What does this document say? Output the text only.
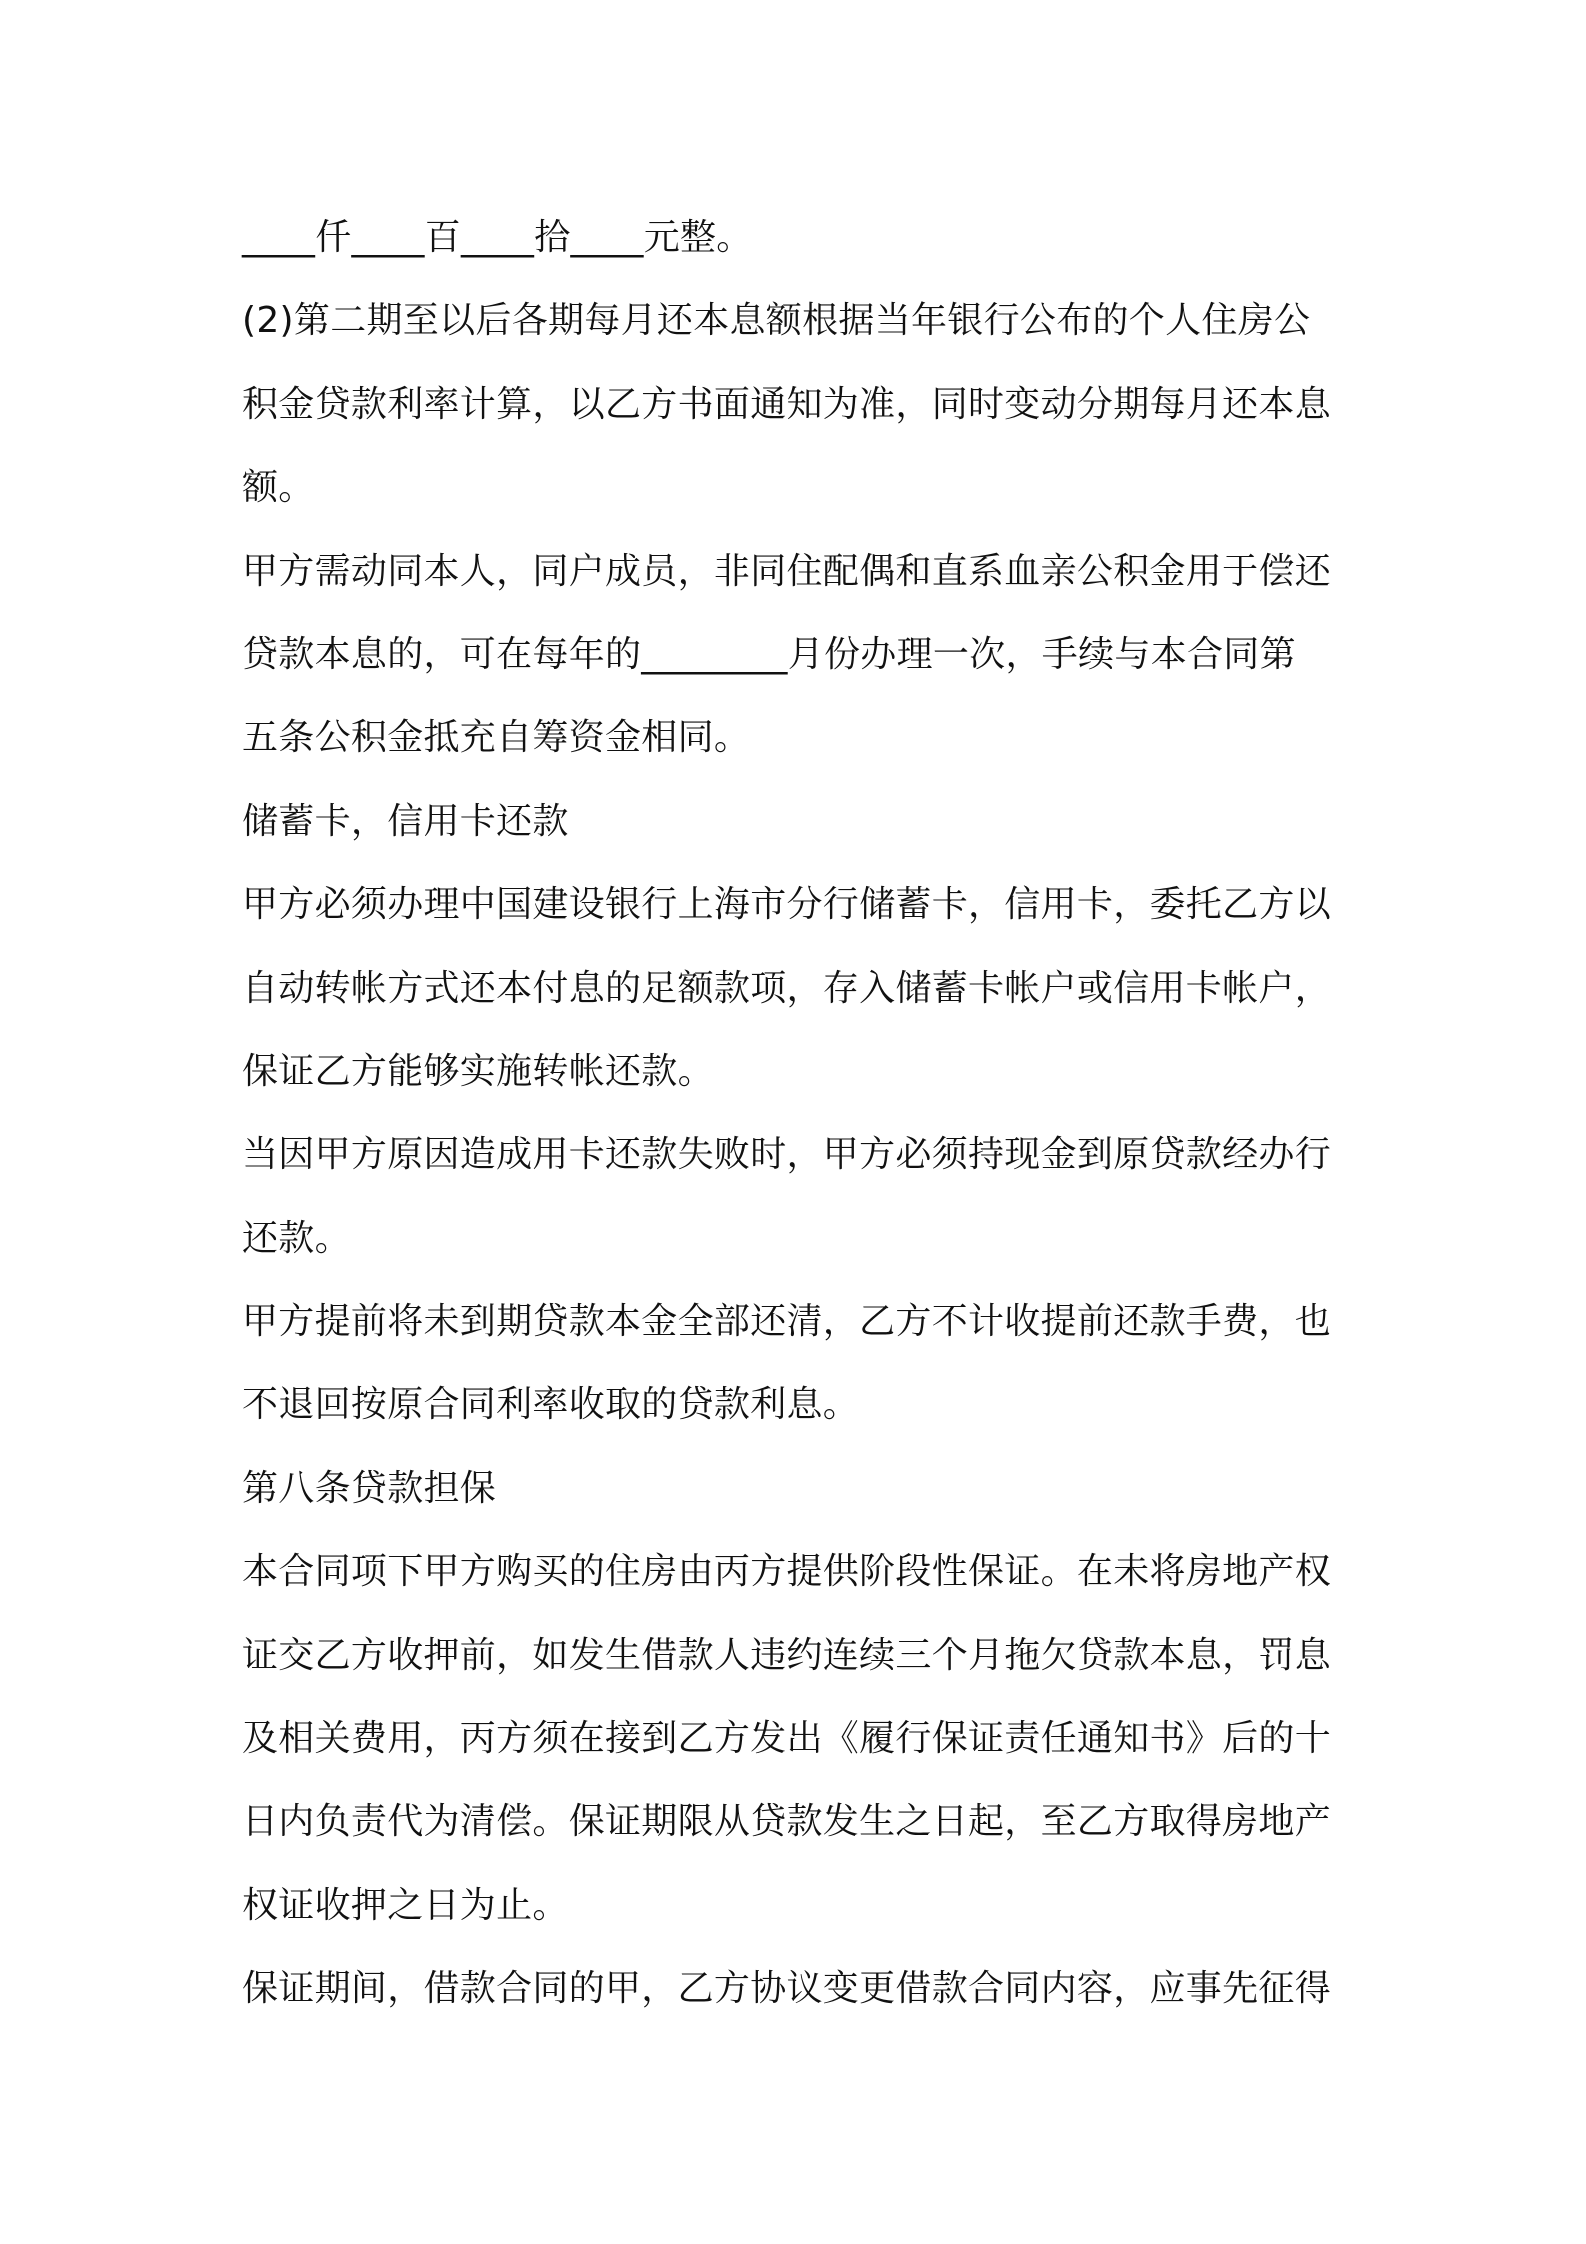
____仟____百____拾____元整。
(2)第二期至以后各期每月还本息额根据当年银行公布的个人住房公
积金贷款利率计算，以乙方书面通知为准，同时变动分期每月还本息
额。
甲方需动同本人，同户成员，非同住配偶和直系血亲公积金用于偿还
贷款本息的，可在每年的________月份办理一次，手续与本合同第
五条公积金抵充自筹资金相同。
储蓄卡，信用卡还款
甲方必须办理中国建设银行上海市分行储蓄卡，信用卡，委托乙方以
自动转帐方式还本付息的足额款项，存入储蓄卡帐户或信用卡帐户，
保证乙方能够实施转帐还款。
当因甲方原因造成用卡还款失败时，甲方必须持现金到原贷款经办行
还款。
甲方提前将未到期贷款本金全部还清，乙方不计收提前还款手费，也
不退回按原合同利率收取的贷款利息。
第八条贷款担保
本合同项下甲方购买的住房由丙方提供阶段性保证。在未将房地产权
证交乙方收押前，如发生借款人违约连续三个月拖欠贷款本息，罚息
及相关费用，丙方须在接到乙方发出《履行保证责任通知书》后的十
日内负责代为清偿。保证期限从贷款发生之日起，至乙方取得房地产
权证收押之日为止。
保证期间，借款合同的甲，乙方协议变更借款合同内容，应事先征得
